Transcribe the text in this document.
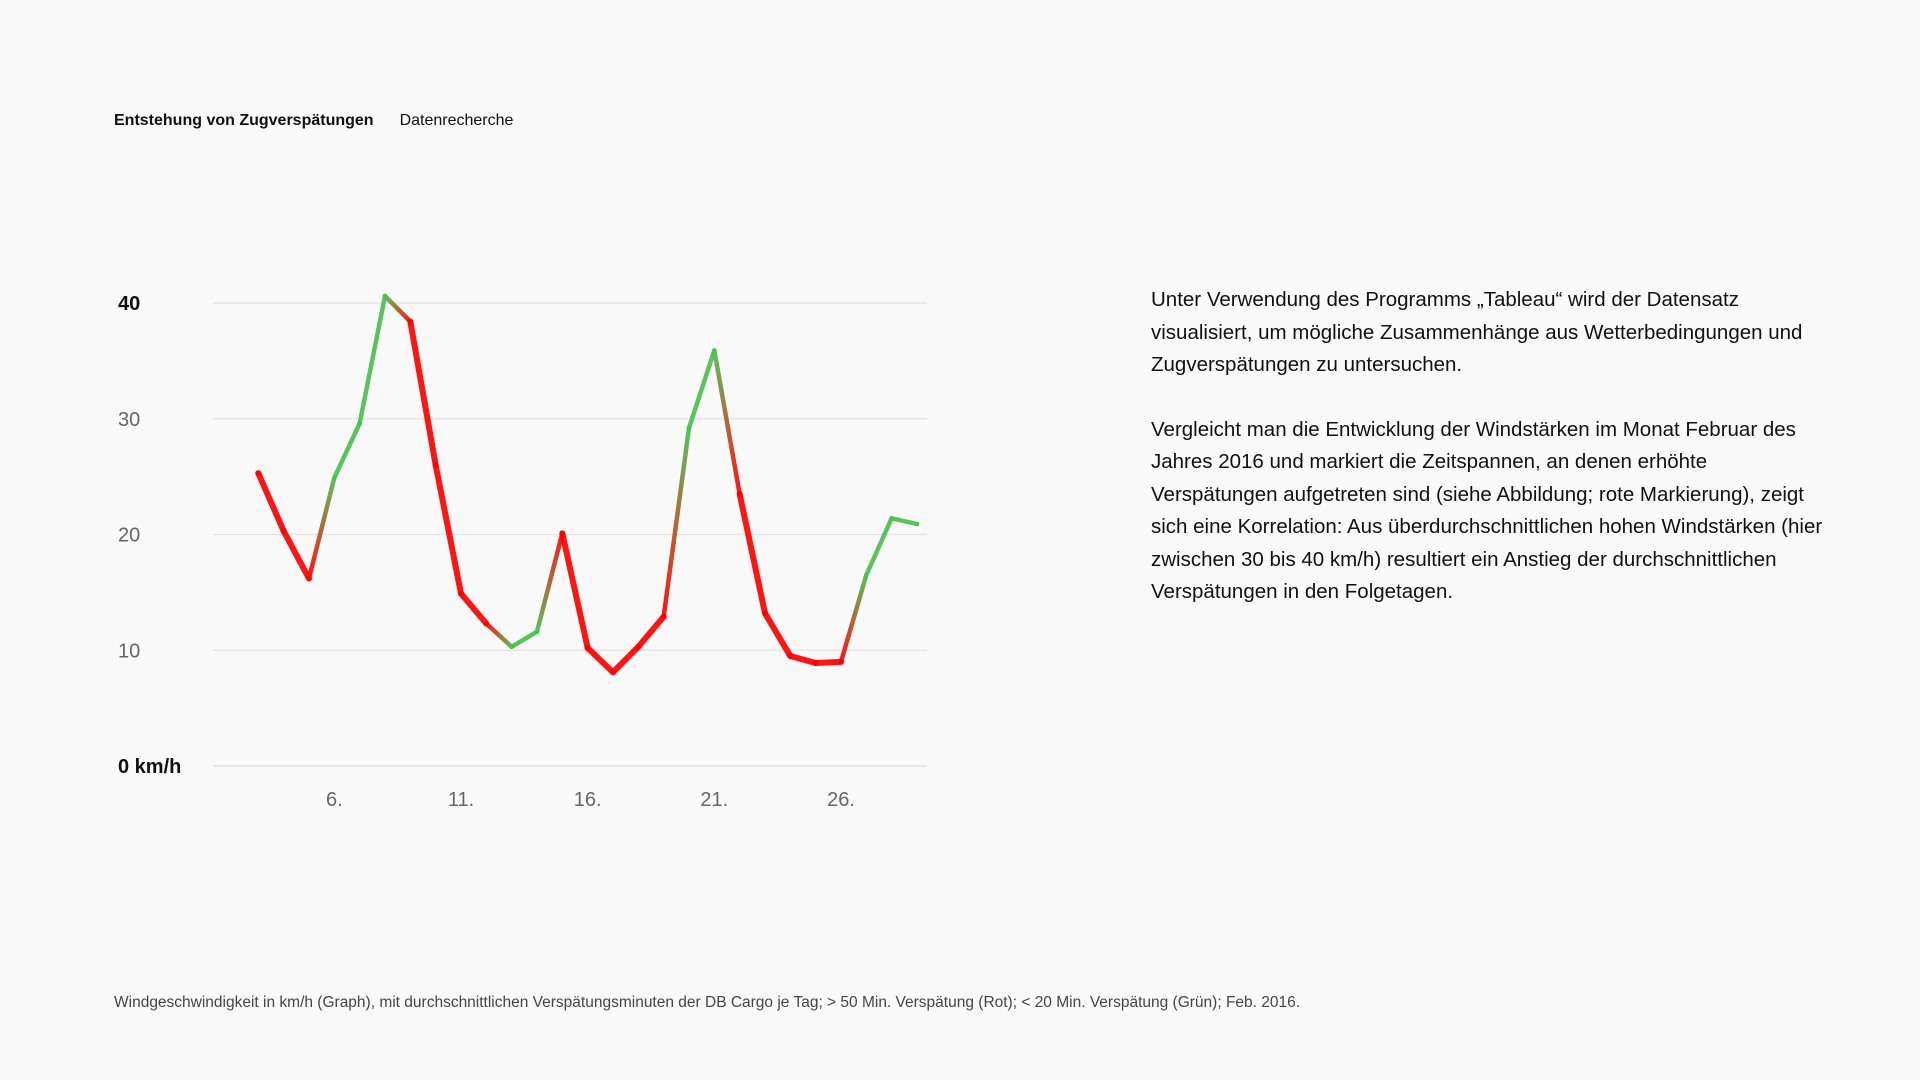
Entstehung von Zugverspätungen Datenrecherche
40
30
20
10
0 km/h
6.	11.	16.	21.	26.

Unter Verwendung des Programms „Tableau“ wird der Datensatz visualisiert, um mögliche Zusammenhänge aus Wetterbedingungen und Zugverspätungen zu untersuchen.

Vergleicht man die Entwicklung der Windstärken im Monat Februar des Jahres 2016 und markiert die Zeitspannen, an denen erhöhte Verspätungen aufgetreten sind (siehe Abbildung; rote Markierung), zeigt sich eine Korrelation: Aus überdurchschnittlichen hohen Windstärken (hier zwischen 30 bis 40 km/h) resultiert ein Anstieg der durchschnittlichen Verspätungen in den Folgetagen.

Windgeschwindigkeit in km/h (Graph), mit durchschnittlichen Verspätungsminuten der DB Cargo je Tag; > 50 Min. Verspätung (Rot); < 20 Min. Verspätung (Grün); Feb. 2016.
